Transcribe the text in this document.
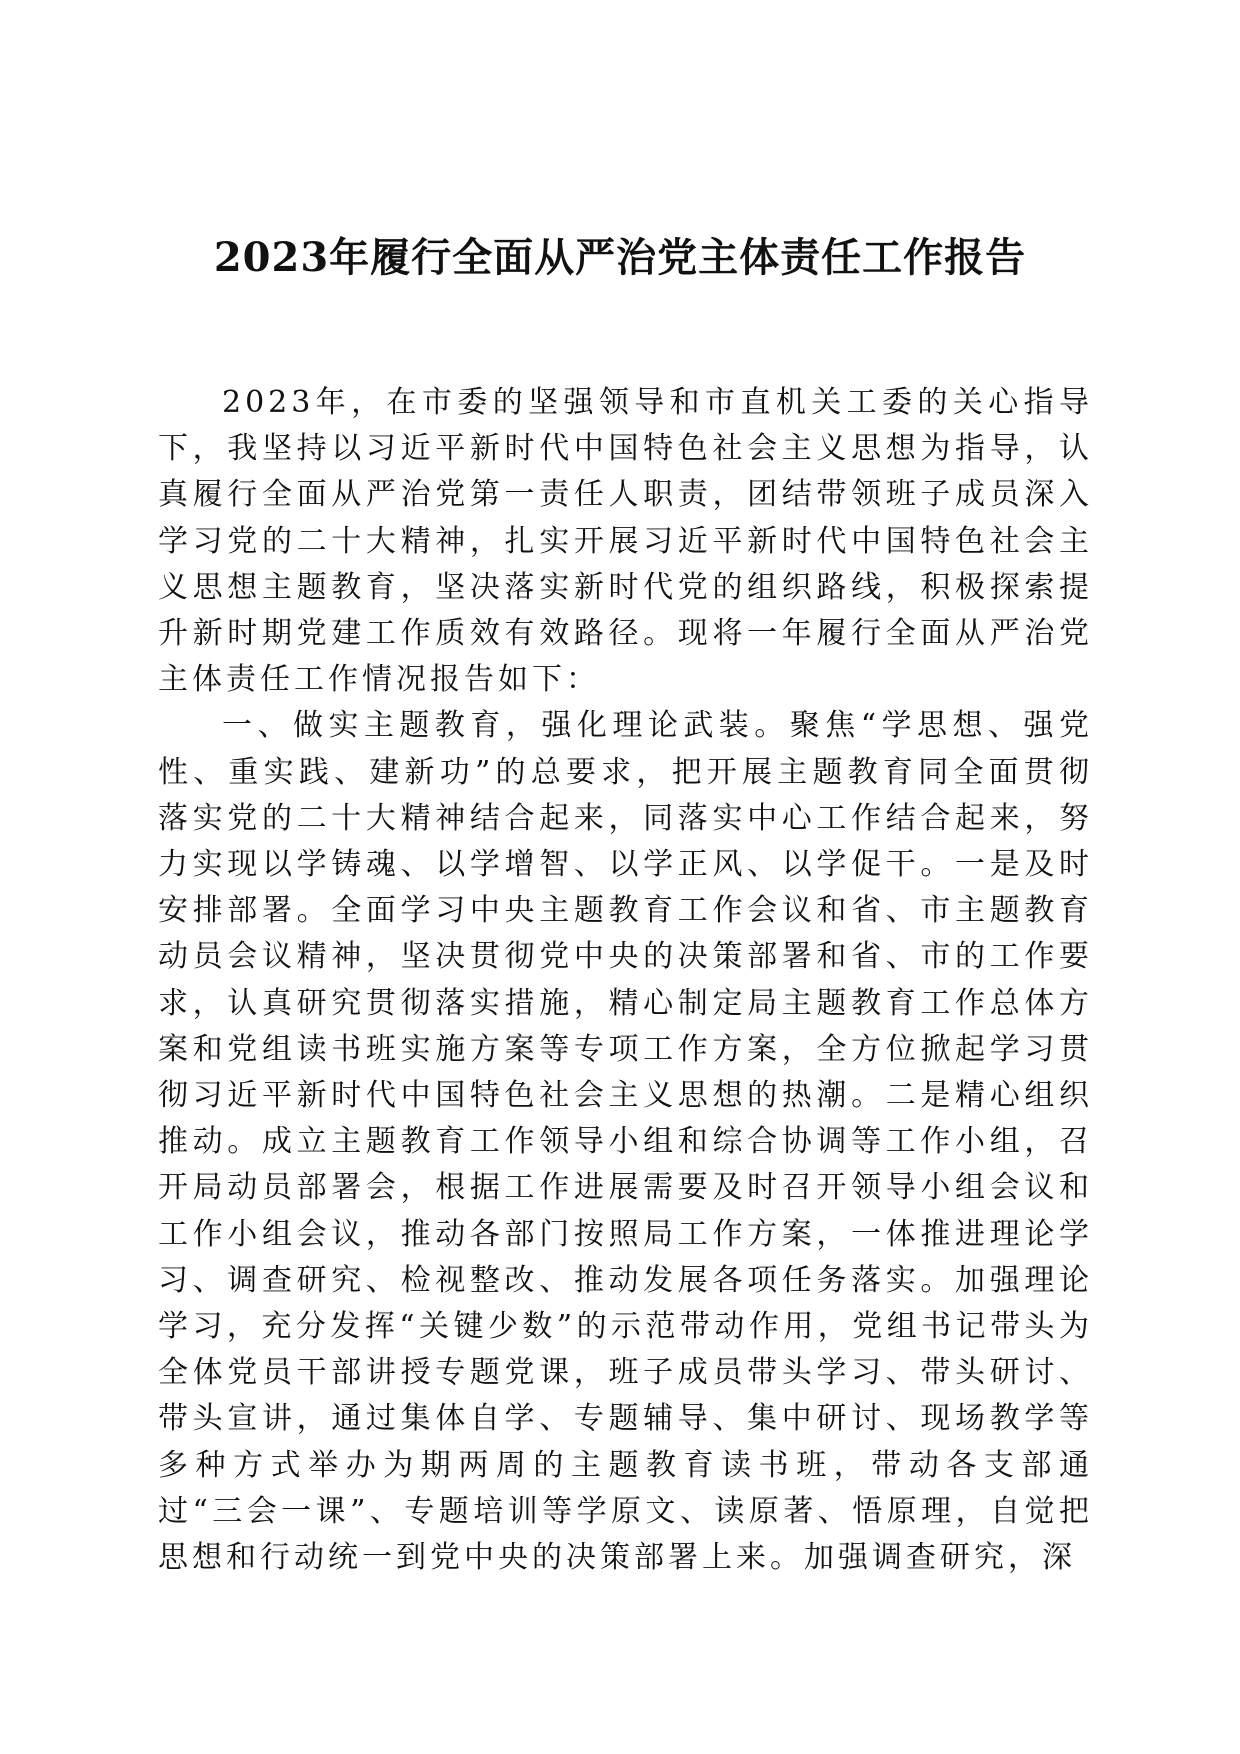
2023年履行全面从严治党主体责任工作报告

2023年，在市委的坚强领导和市直机关工委的关心指导下，我坚持以习近平新时代中国特色社会主义思想为指导，认真履行全面从严治党第一责任人职责，团结带领班子成员深入学习党的二十大精神，扎实开展习近平新时代中国特色社会主义思想主题教育，坚决落实新时代党的组织路线，积极探索提升新时期党建工作质效有效路径。现将一年履行全面从严治党主体责任工作情况报告如下：

一、做实主题教育，强化理论武装。聚焦“学思想、强党性、重实践、建新功”的总要求，把开展主题教育同全面贯彻落实党的二十大精神结合起来，同落实中心工作结合起来，努力实现以学铸魂、以学增智、以学正风、以学促干。一是及时安排部署。全面学习中央主题教育工作会议和省、市主题教育动员会议精神，坚决贯彻党中央的决策部署和省、市的工作要求，认真研究贯彻落实措施，精心制定局主题教育工作总体方案和党组读书班实施方案等专项工作方案，全方位掀起学习贯彻习近平新时代中国特色社会主义思想的热潮。二是精心组织推动。成立主题教育工作领导小组和综合协调等工作小组，召开局动员部署会，根据工作进展需要及时召开领导小组会议和工作小组会议，推动各部门按照局工作方案，一体推进理论学习、调查研究、检视整改、推动发展各项任务落实。加强理论学习，充分发挥“关键少数”的示范带动作用，党组书记带头为全体党员干部讲授专题党课，班子成员带头学习、带头研讨、带头宣讲，通过集体自学、专题辅导、集中研讨、现场教学等多种方式举办为期两周的主题教育读书班，带动各支部通过“三会一课”、专题培训等学原文、读原著、悟原理，自觉把思想和行动统一到党中央的决策部署上来。加强调查研究，深
